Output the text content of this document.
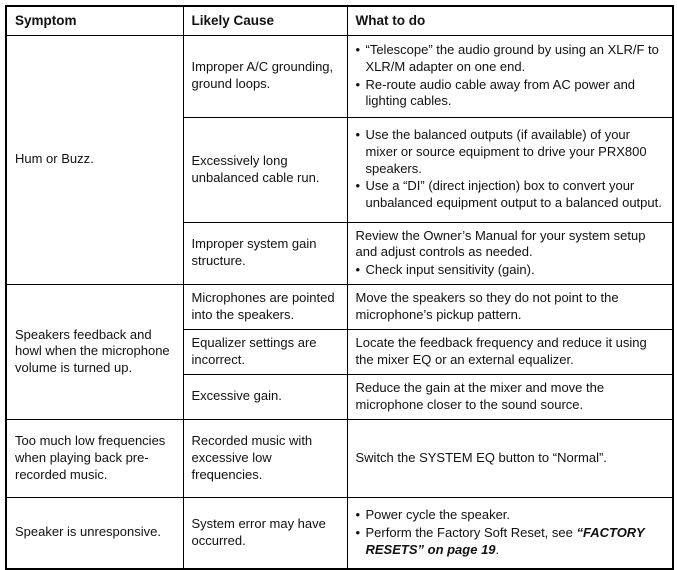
Symptom	Likely Cause	What to do
Hum or Buzz.	Improper A/C grounding, ground loops.	• “Telescope” the audio ground by using an XLR/F to XLR/M adapter on one end.
• Re-route audio cable away from AC power and lighting cables.

	Excessively long unbalanced cable run.	• Use the balanced outputs (if available) of your mixer or source equipment to drive your PRX800 speakers.
• Use a “DI” (direct injection) box to convert your unbalanced equipment output to a balanced output.

	Improper system gain structure.	Review the Owner’s Manual for your system setup and adjust controls as needed.
• Check input sensitivity (gain).

Speakers feedback and howl when the microphone volume is turned up.	Microphones are pointed into the speakers.	Move the speakers so they do not point to the microphone’s pickup pattern.

	Equalizer settings are incorrect.	Locate the feedback frequency and reduce it using the mixer EQ or an external equalizer.

	Excessive gain.	Reduce the gain at the mixer and move the microphone closer to the sound source.

Too much low frequencies when playing back pre-recorded music.	Recorded music with excessive low frequencies.	Switch the SYSTEM EQ button to “Normal”.

Speaker is unresponsive.	System error may have occurred.	• Power cycle the speaker.
• Perform the Factory Soft Reset, see “FACTORY RESETS” on page 19.
